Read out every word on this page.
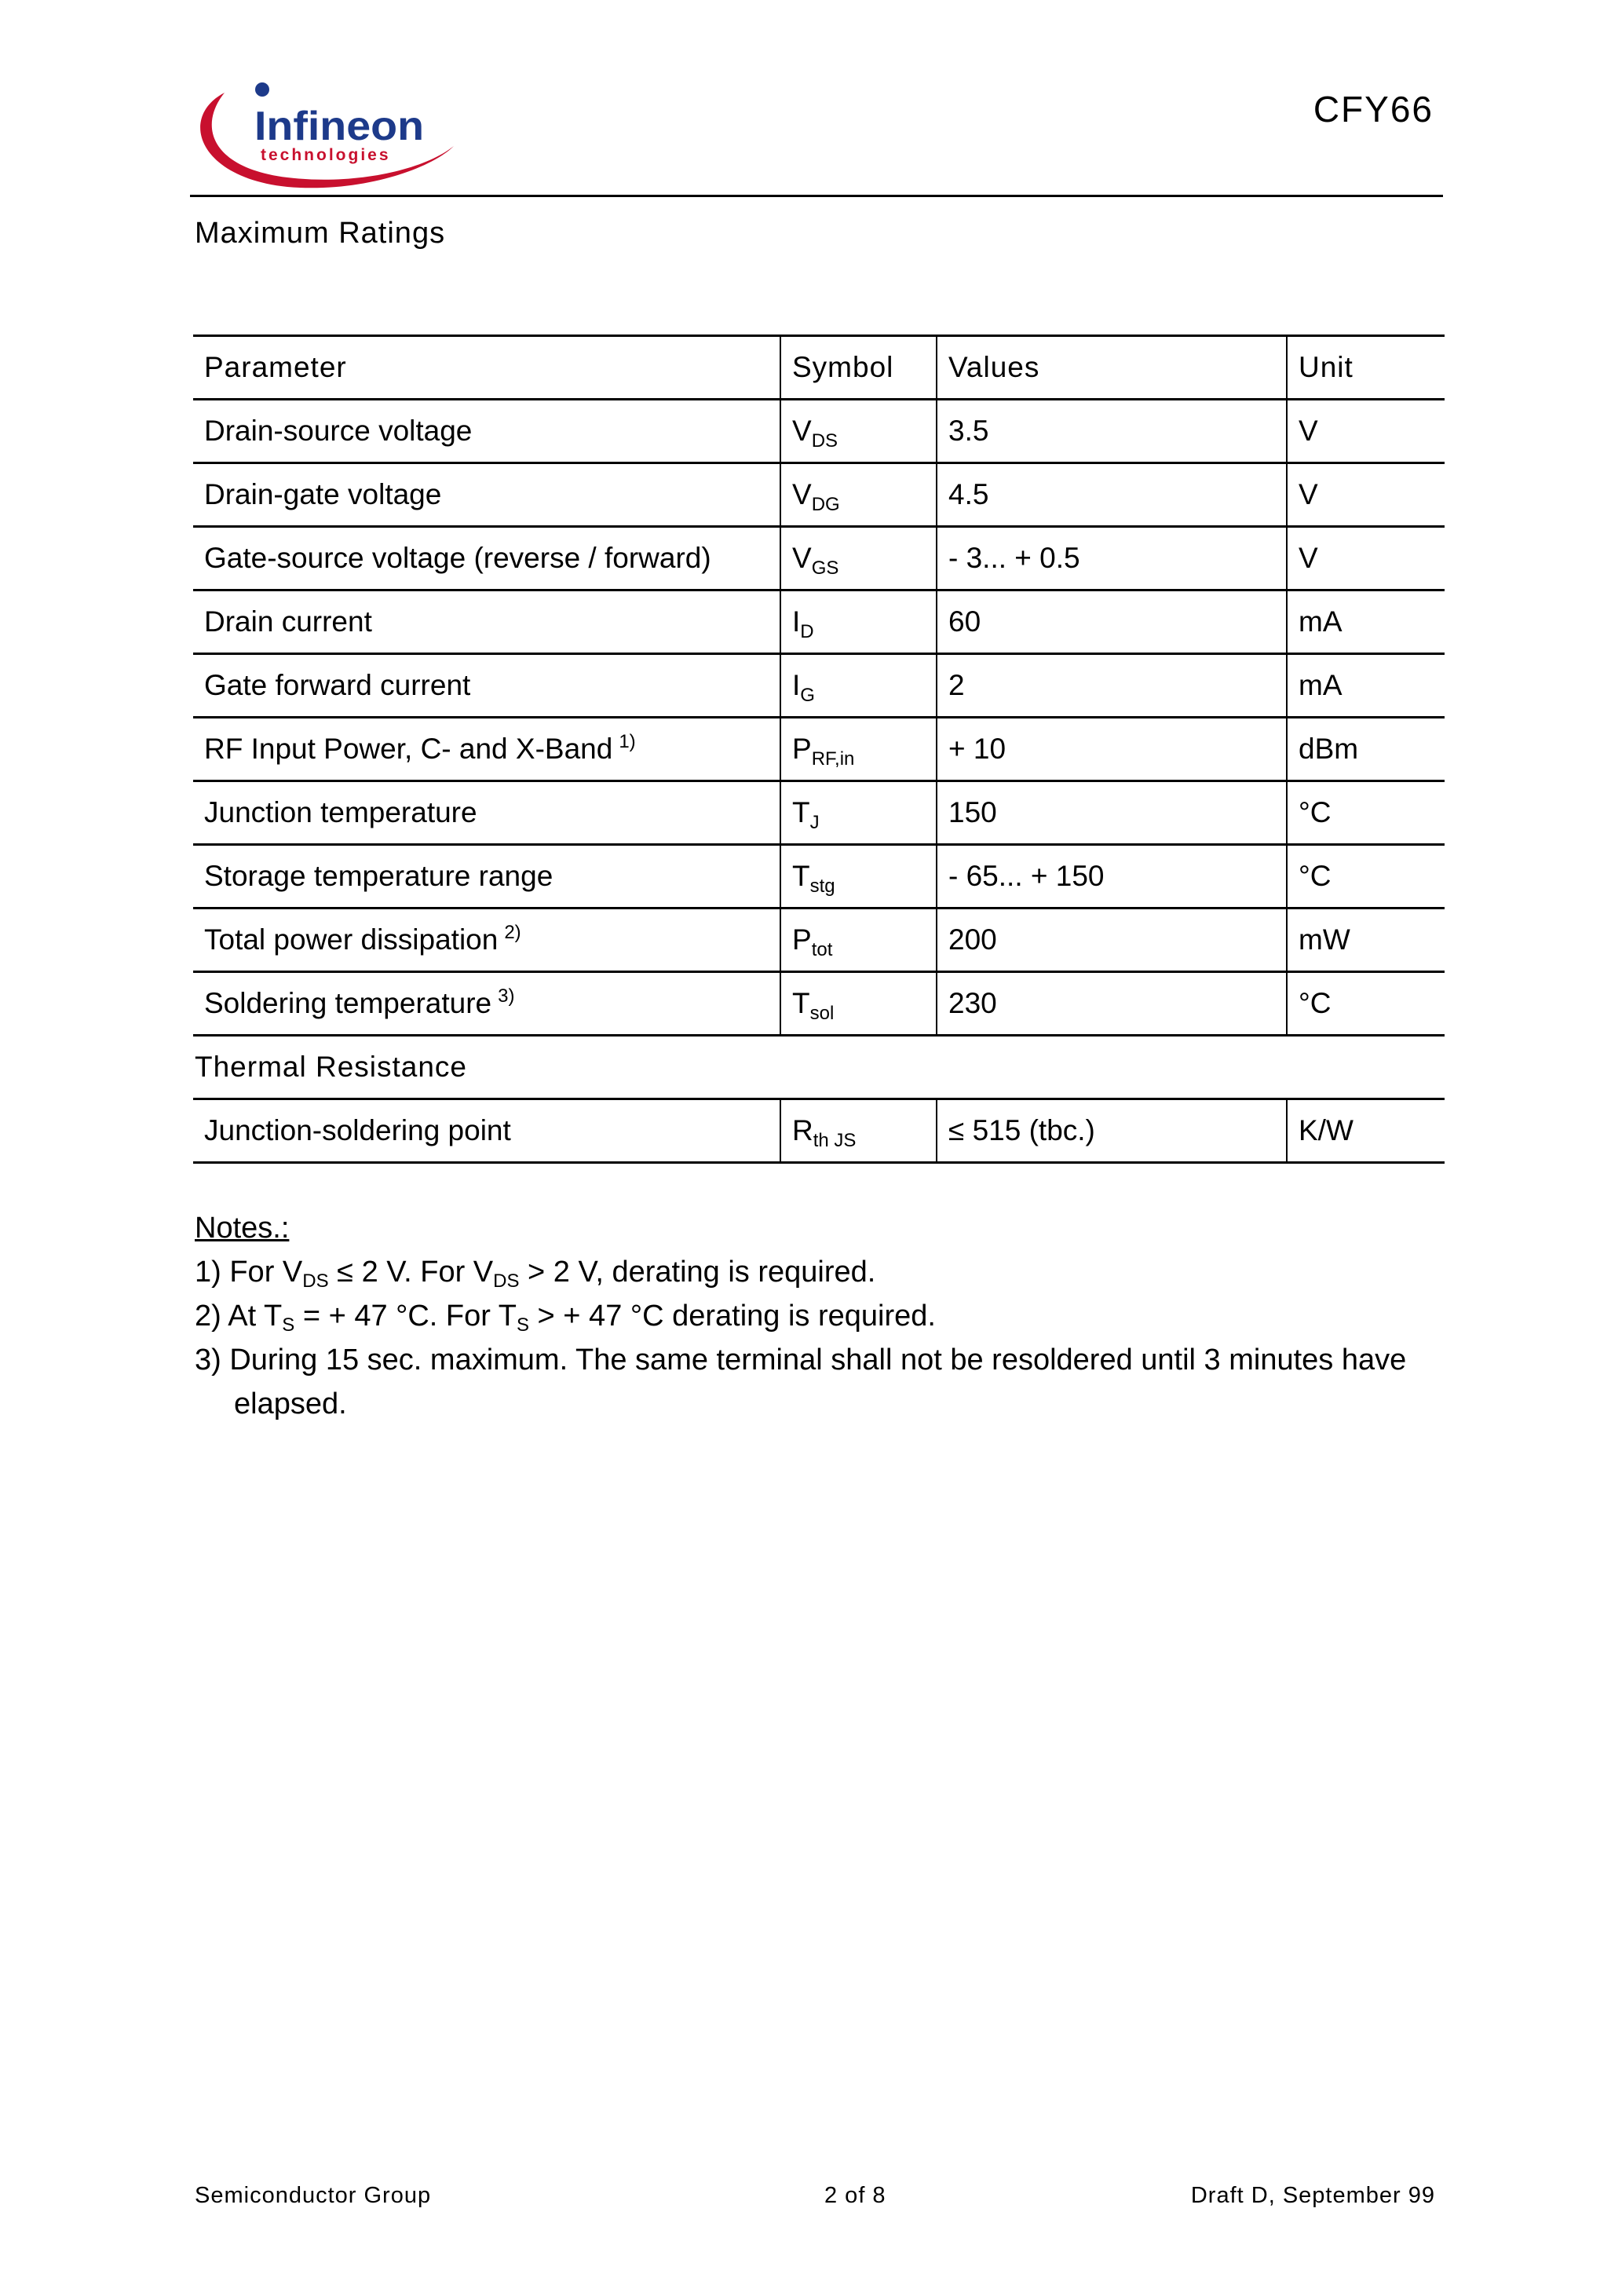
Infineon
technologies
CFY66
Maximum Ratings
Parameter	Symbol	Values	Unit
Drain-source voltage	$V_{DS}$	3.5	V
Drain-gate voltage	$V_{DG}$	4.5	V
Gate-source voltage (reverse / forward)	$V_{GS}$	- 3... + 0.5	V
Drain current	$I_D$	60	mA
Gate forward current	$I_G$	2	mA
RF Input Power, C- and X-Band $^{1)}$	$P_{RF,in}$	+ 10	dBm
Junction temperature	$T_J$	150	°C
Storage temperature range	$T_{stg}$	- 65... + 150	°C
Total power dissipation $^{2)}$	$P_{tot}$	200	mW
Soldering temperature $^{3)}$	$T_{sol}$	230	°C
Thermal Resistance			
Junction-soldering point	$R_{th JS}$	≤ 515 (tbc.)	K/W
Notes.:
1) For $V_{DS} \le 2$ V. For $V_{DS} > 2$ V, derating is required.
2) At $T_S$ = + 47 °C. For $T_S$ > + 47 °C derating is required.
3) During 15 sec. maximum. The same terminal shall not be resoldered until 3 minutes have
elapsed.
Semiconductor Group	2 of 8	Draft D, September 99
